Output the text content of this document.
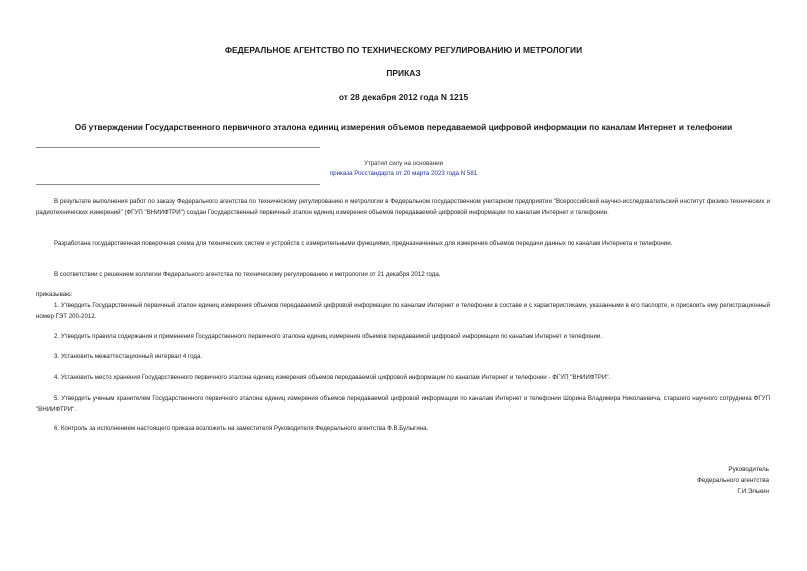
ФЕДЕРАЛЬНОЕ АГЕНТСТВО ПО ТЕХНИЧЕСКОМУ РЕГУЛИРОВАНИЮ И МЕТРОЛОГИИ
ПРИКАЗ
от 28 декабря 2012 года N 1215
Об утверждении Государственного первичного эталона единиц измерения объемов передаваемой цифровой информации по каналам Интернет и телефонии
Утратил силу на основании
приказа Росстандарта от 20 марта 2023 года N 581
В результате выполнения работ по заказу Федерального агентства по техническому регулированию и метрологии в Федеральном государственном унитарном предприятии "Всероссийский научно-исследовательский институт физико-технических и радиотехнических измерений" (ФГУП "ВНИИФТРИ") создан Государственный первичный эталон единиц измерения объемов передаваемой цифровой информации по каналам Интернет и телефонии.
Разработана государственная поверочная схема для технических систем и устройств с измерительными функциями, предназначенных для измерения объемов передачи данных по каналам Интернета и телефонии.
В соответствии с решением коллегии Федерального агентства по техническому регулированию и метрологии от 21 декабря 2012 года,
приказываю:
1. Утвердить Государственный первичный эталон единиц измерения объемов передаваемой цифровой информации по каналам Интернет и телефонии в составе и с характеристиками, указанными в его паспорте, и присвоить ему регистрационный номер ГЭТ 200-2012.
2. Утвердить правила содержания и применения Государственного первичного эталона единиц измерения объемов передаваемой цифровой информации по каналам Интернет и телефонии.
3. Установить межаттестационный интервал 4 года.
4. Установить место хранения Государственного первичного эталона единиц измерения объемов передаваемой цифровой информации по каналам Интернет и телефонии - ФГУП "ВНИИФТРИ".
5. Утвердить ученым хранителем Государственного первичного эталона единиц измерения объемов передаваемой цифровой информации по каналам Интернет и телефонии Шорина Владимира Николаевича, старшего научного сотрудника ФГУП "ВНИИФТРИ".
6. Контроль за исполнением настоящего приказа возложить на заместителя Руководителя Федерального агентства Ф.В.Булыгина.
Руководитель
Федерального агентства
Г.И.Элькин
